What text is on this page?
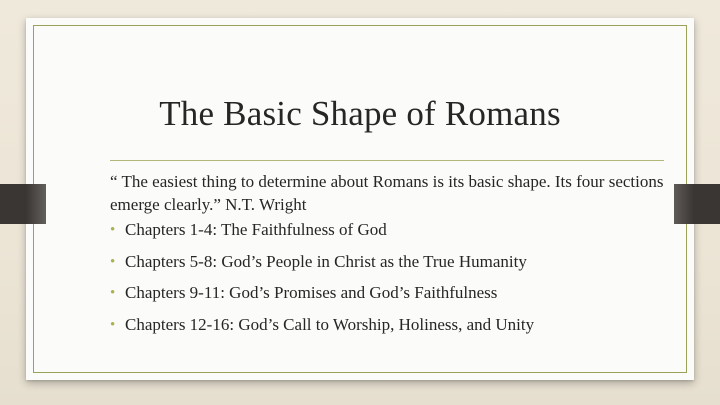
The Basic Shape of Romans

“ The easiest thing to determine about Romans is its basic shape. Its four sections emerge clearly.” N.T. Wright

• Chapters 1-4: The Faithfulness of God
• Chapters 5-8: God’s People in Christ as the True Humanity
• Chapters 9-11: God’s Promises and God’s Faithfulness
• Chapters 12-16: God’s Call to Worship, Holiness, and Unity
